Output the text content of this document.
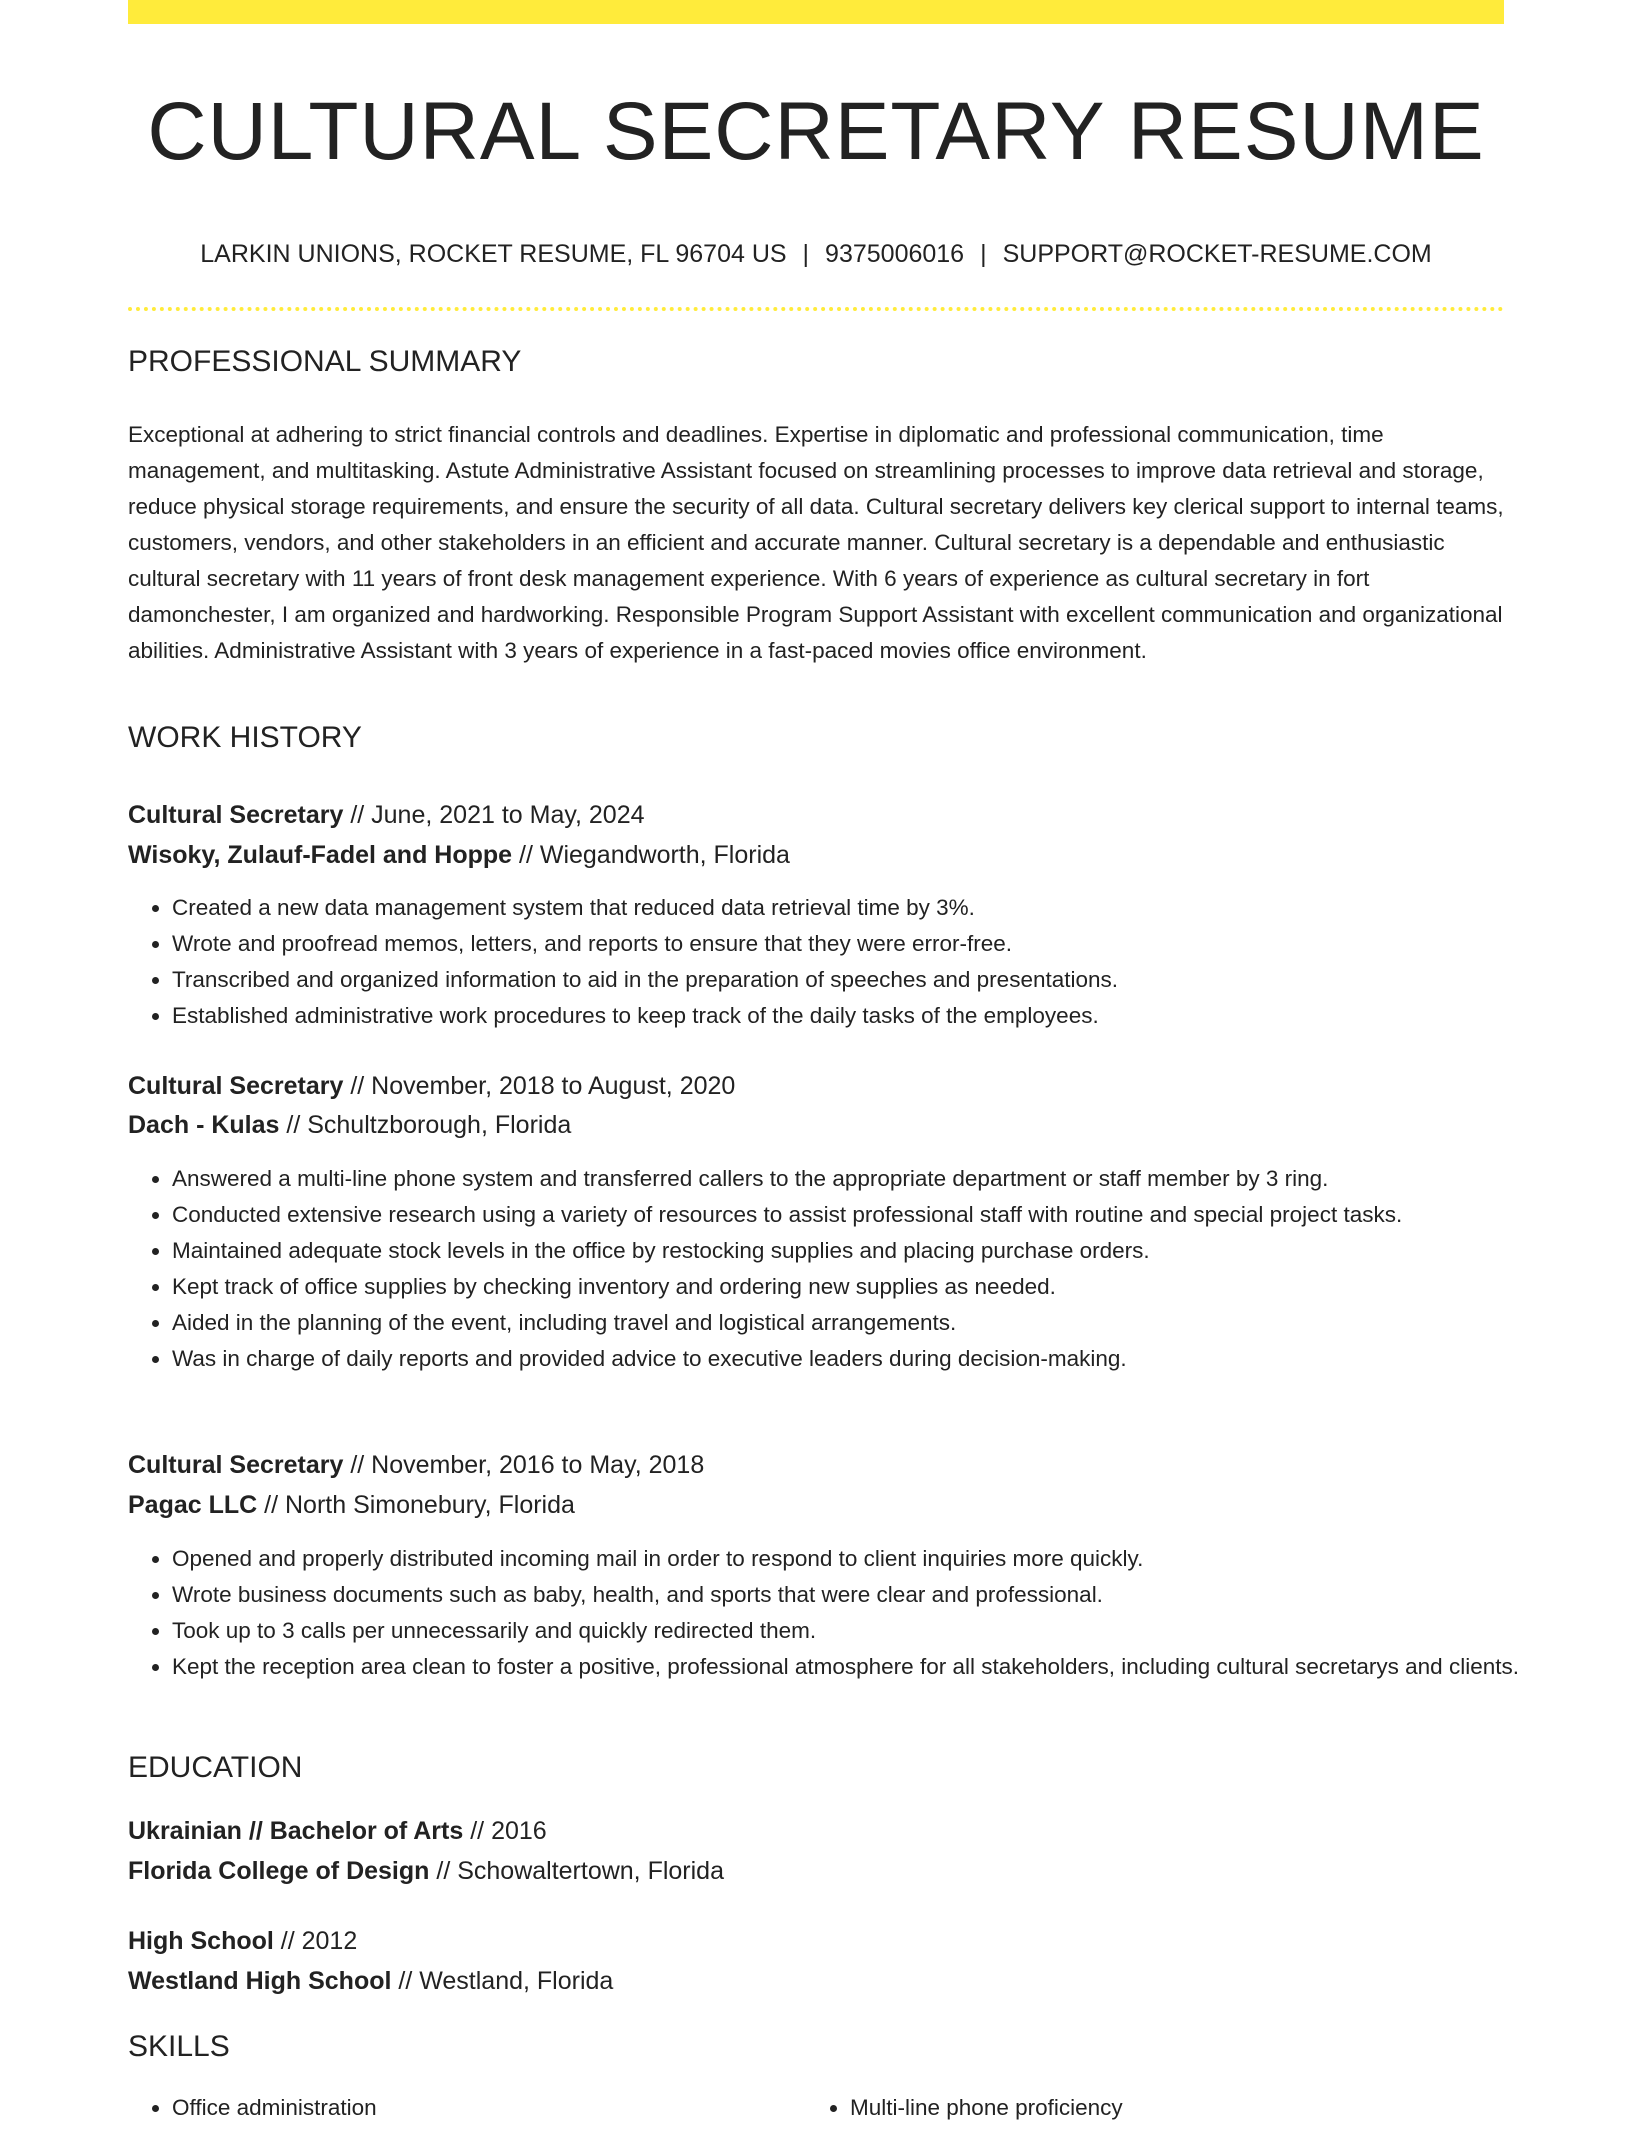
CULTURAL SECRETARY RESUME
LARKIN UNIONS, ROCKET RESUME, FL 96704 US | 9375006016 | SUPPORT@ROCKET-RESUME.COM
PROFESSIONAL SUMMARY

Exceptional at adhering to strict financial controls and deadlines. Expertise in diplomatic and professional communication, time management, and multitasking. Astute Administrative Assistant focused on streamlining processes to improve data retrieval and storage, reduce physical storage requirements, and ensure the security of all data. Cultural secretary delivers key clerical support to internal teams, customers, vendors, and other stakeholders in an efficient and accurate manner. Cultural secretary is a dependable and enthusiastic cultural secretary with 11 years of front desk management experience. With 6 years of experience as cultural secretary in fort damonchester, I am organized and hardworking. Responsible Program Support Assistant with excellent communication and organizational abilities. Administrative Assistant with 3 years of experience in a fast-paced movies office environment.

WORK HISTORY
Cultural Secretary // June, 2021 to May, 2024
Wisoky, Zulauf-Fadel and Hoppe // Wiegandworth, Florida
• Created a new data management system that reduced data retrieval time by 3%.
• Wrote and proofread memos, letters, and reports to ensure that they were error-free.
• Transcribed and organized information to aid in the preparation of speeches and presentations.
• Established administrative work procedures to keep track of the daily tasks of the employees.
Cultural Secretary // November, 2018 to August, 2020
Dach - Kulas // Schultzborough, Florida
• Answered a multi-line phone system and transferred callers to the appropriate department or staff member by 3 ring.
• Conducted extensive research using a variety of resources to assist professional staff with routine and special project tasks.
• Maintained adequate stock levels in the office by restocking supplies and placing purchase orders.
• Kept track of office supplies by checking inventory and ordering new supplies as needed.
• Aided in the planning of the event, including travel and logistical arrangements.
• Was in charge of daily reports and provided advice to executive leaders during decision-making.
Cultural Secretary // November, 2016 to May, 2018
Pagac LLC // North Simonebury, Florida
• Opened and properly distributed incoming mail in order to respond to client inquiries more quickly.
• Wrote business documents such as baby, health, and sports that were clear and professional.
• Took up to 3 calls per unnecessarily and quickly redirected them.
• Kept the reception area clean to foster a positive, professional atmosphere for all stakeholders, including cultural secretarys and clients.
EDUCATION
Ukrainian // Bachelor of Arts // 2016
Florida College of Design // Schowaltertown, Florida
High School // 2012
Westland High School // Westland, Florida
SKILLS
• Office administration
•	Multi-line phone proficiency
